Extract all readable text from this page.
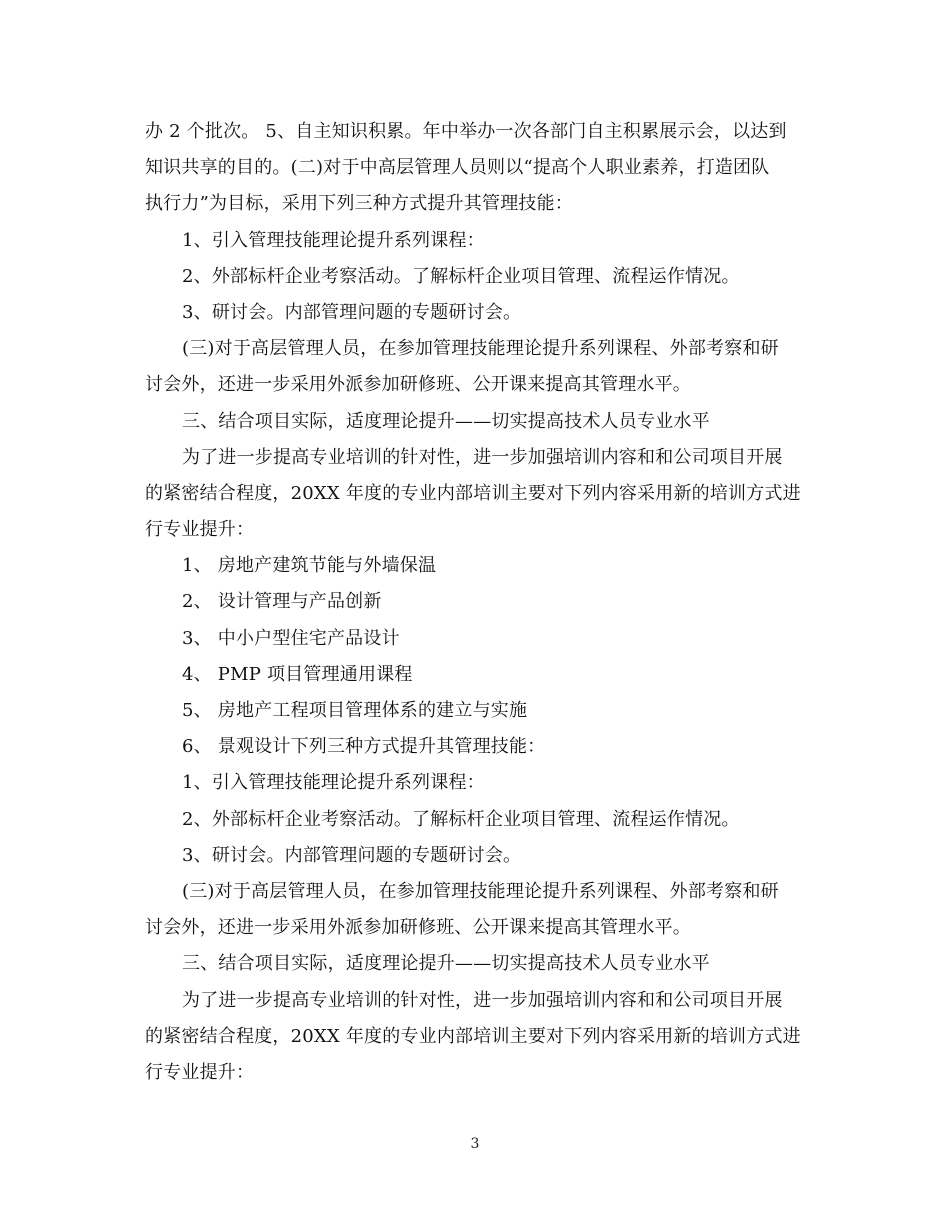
办 2 个批次。 5、自主知识积累。年中举办一次各部门自主积累展示会，以达到
知识共享的目的。(二)对于中高层管理人员则以“提高个人职业素养，打造团队
执行力”为目标，采用下列三种方式提升其管理技能：
1、引入管理技能理论提升系列课程：
2、外部标杆企业考察活动。了解标杆企业项目管理、流程运作情况。
3、研讨会。内部管理问题的专题研讨会。
(三)对于高层管理人员，在参加管理技能理论提升系列课程、外部考察和研
讨会外，还进一步采用外派参加研修班、公开课来提高其管理水平。
三、结合项目实际，适度理论提升——切实提高技术人员专业水平
为了进一步提高专业培训的针对性，进一步加强培训内容和和公司项目开展
的紧密结合程度，20XX 年度的专业内部培训主要对下列内容采用新的培训方式进
行专业提升：
1、 房地产建筑节能与外墙保温
2、 设计管理与产品创新
3、 中小户型住宅产品设计
4、 PMP 项目管理通用课程
5、 房地产工程项目管理体系的建立与实施
6、 景观设计下列三种方式提升其管理技能：
1、引入管理技能理论提升系列课程：
2、外部标杆企业考察活动。了解标杆企业项目管理、流程运作情况。
3、研讨会。内部管理问题的专题研讨会。
(三)对于高层管理人员，在参加管理技能理论提升系列课程、外部考察和研
讨会外，还进一步采用外派参加研修班、公开课来提高其管理水平。
三、结合项目实际，适度理论提升——切实提高技术人员专业水平
为了进一步提高专业培训的针对性，进一步加强培训内容和和公司项目开展
的紧密结合程度，20XX 年度的专业内部培训主要对下列内容采用新的培训方式进
行专业提升：
3
